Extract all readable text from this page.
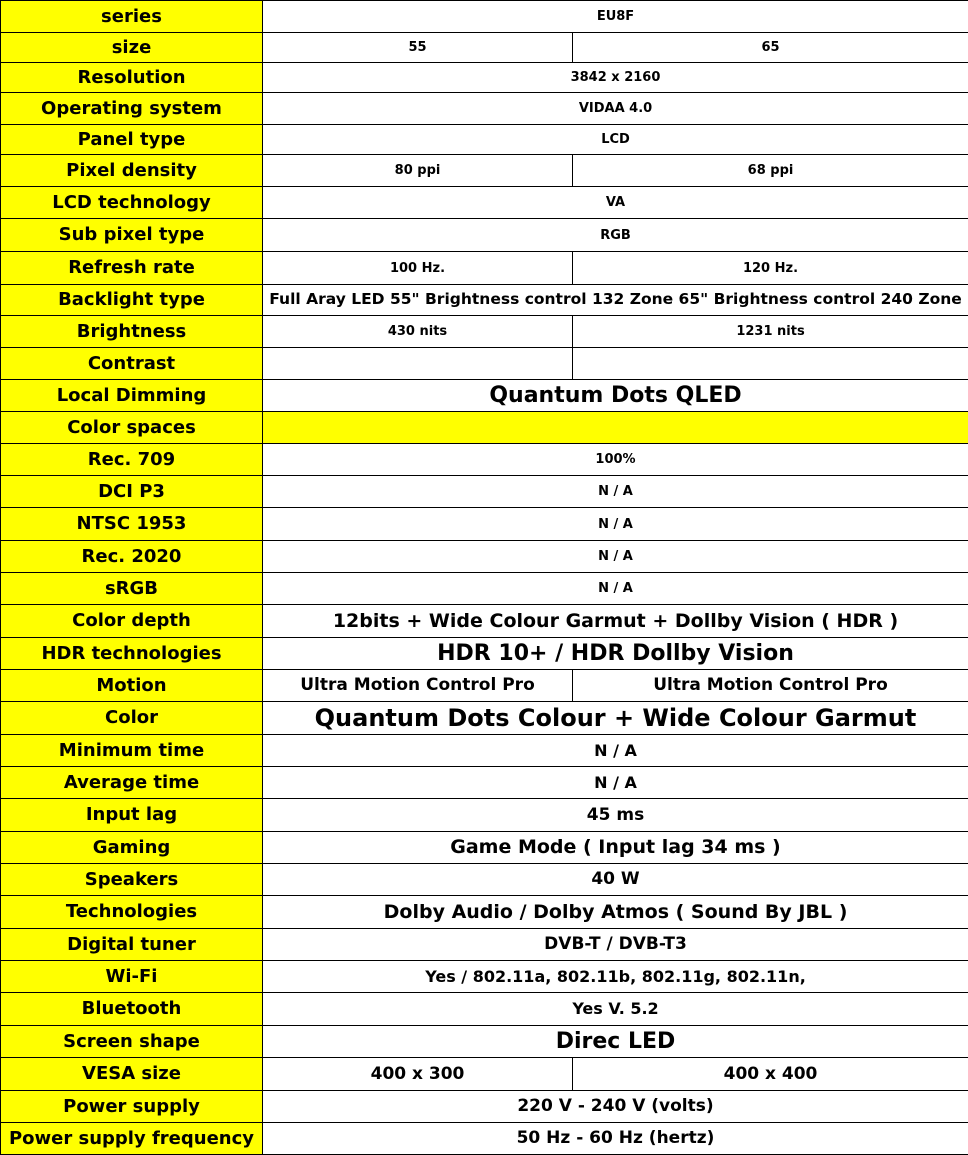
series	EU8F	
size	55	65
Resolution	3842 x 2160	
Operating system	VIDAA 4.0	
Panel type	LCD	
Pixel density	80 ppi	68 ppi
LCD technology	VA	
Sub pixel type	RGB	
Refresh rate	100 Hz.	120 Hz.
Backlight type	Full Aray LED 55" Brightness control 132 Zone 65" Brightness control 240 Zone	
Brightness	430 nits	1231 nits
Contrast		
Local Dimming	Quantum Dots QLED	
Color spaces		
Rec. 709	100%	
DCI P3	N / A	
NTSC 1953	N / A	
Rec. 2020	N / A	
sRGB	N / A	
Color depth	12bits + Wide Colour Garmut + Dollby Vision ( HDR )	
HDR technologies	HDR 10+ / HDR Dollby Vision	
Motion	Ultra Motion Control Pro	Ultra Motion Control Pro
Color	Quantum Dots Colour + Wide Colour Garmut	
Minimum time	N / A	
Average time	N / A	
Input lag	45 ms	
Gaming	Game Mode ( Input lag 34 ms )	
Speakers	40 W	
Technologies	Dolby Audio / Dolby Atmos ( Sound By JBL )	
Digital tuner	DVB-T / DVB-T3	
Wi-Fi	Yes / 802.11a, 802.11b, 802.11g, 802.11n,	
Bluetooth	Yes V. 5.2	
Screen shape	Direc LED	
VESA size	400 x 300	400 x 400
Power supply	220 V - 240 V (volts)	
Power supply frequency	50 Hz - 60 Hz (hertz)	
